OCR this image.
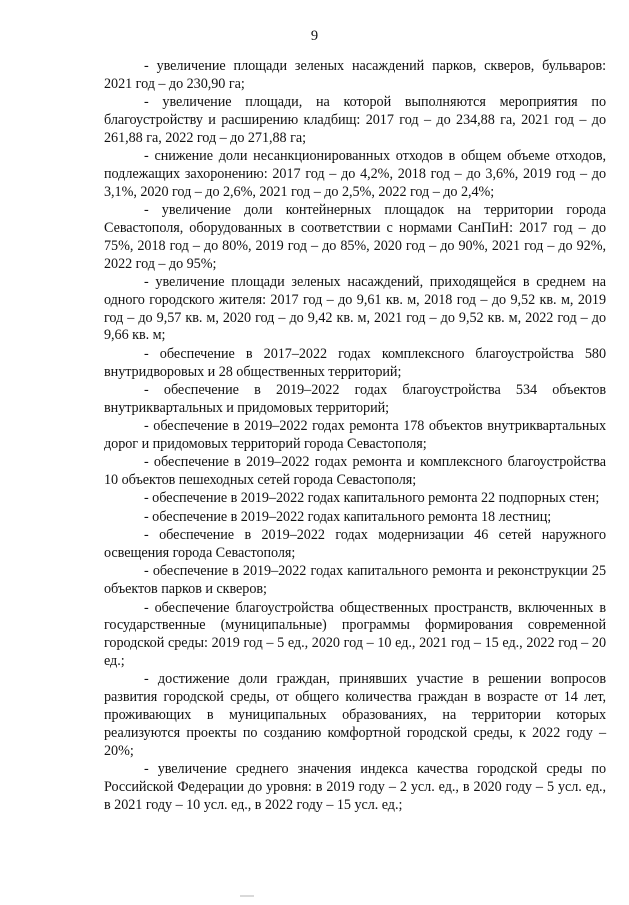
9

- увеличение площади зеленых насаждений парков, скверов, бульваров: 2021 год – до 230,90 га;

- увеличение площади, на которой выполняются мероприятия по благоустройству и расширению кладбищ: 2017 год – до 234,88 га, 2021 год – до 261,88 га, 2022 год – до 271,88 га;

- снижение доли несанкционированных отходов в общем объеме отходов, подлежащих захоронению: 2017 год – до 4,2%, 2018 год – до 3,6%, 2019 год – до 3,1%, 2020 год – до 2,6%, 2021 год – до 2,5%, 2022 год – до 2,4%;

- увеличение доли контейнерных площадок на территории города Севастополя, оборудованных в соответствии с нормами СанПиН: 2017 год – до 75%, 2018 год – до 80%, 2019 год – до 85%, 2020 год – до 90%, 2021 год – до 92%, 2022 год – до 95%;

- увеличение площади зеленых насаждений, приходящейся в среднем на одного городского жителя: 2017 год – до 9,61 кв. м, 2018 год – до 9,52 кв. м, 2019 год – до 9,57 кв. м, 2020 год – до 9,42 кв. м, 2021 год – до 9,52 кв. м, 2022 год – до 9,66 кв. м;

- обеспечение в 2017–2022 годах комплексного благоустройства 580 внутридворовых и 28 общественных территорий;

- обеспечение в 2019–2022 годах благоустройства 534 объектов внутриквартальных и придомовых территорий;

- обеспечение в 2019–2022 годах ремонта 178 объектов внутриквартальных дорог и придомовых территорий города Севастополя;

- обеспечение в 2019–2022 годах ремонта и комплексного благоустройства 10 объектов пешеходных сетей города Севастополя;

- обеспечение в 2019–2022 годах капитального ремонта 22 подпорных стен;

- обеспечение в 2019–2022 годах капитального ремонта 18 лестниц;

- обеспечение в 2019–2022 годах модернизации 46 сетей наружного освещения города Севастополя;

- обеспечение в 2019–2022 годах капитального ремонта и реконструкции 25 объектов парков и скверов;

- обеспечение благоустройства общественных пространств, включенных в государственные (муниципальные) программы формирования современной городской среды: 2019 год – 5 ед., 2020 год – 10 ед., 2021 год – 15 ед., 2022 год – 20 ед.;

- достижение доли граждан, принявших участие в решении вопросов развития городской среды, от общего количества граждан в возрасте от 14 лет, проживающих в муниципальных образованиях, на территории которых реализуются проекты по созданию комфортной городской среды, к 2022 году – 20%;

- увеличение среднего значения индекса качества городской среды по Российской Федерации до уровня: в 2019 году – 2 усл. ед., в 2020 году – 5 усл. ед., в 2021 году – 10 усл. ед., в 2022 году – 15 усл. ед.;
